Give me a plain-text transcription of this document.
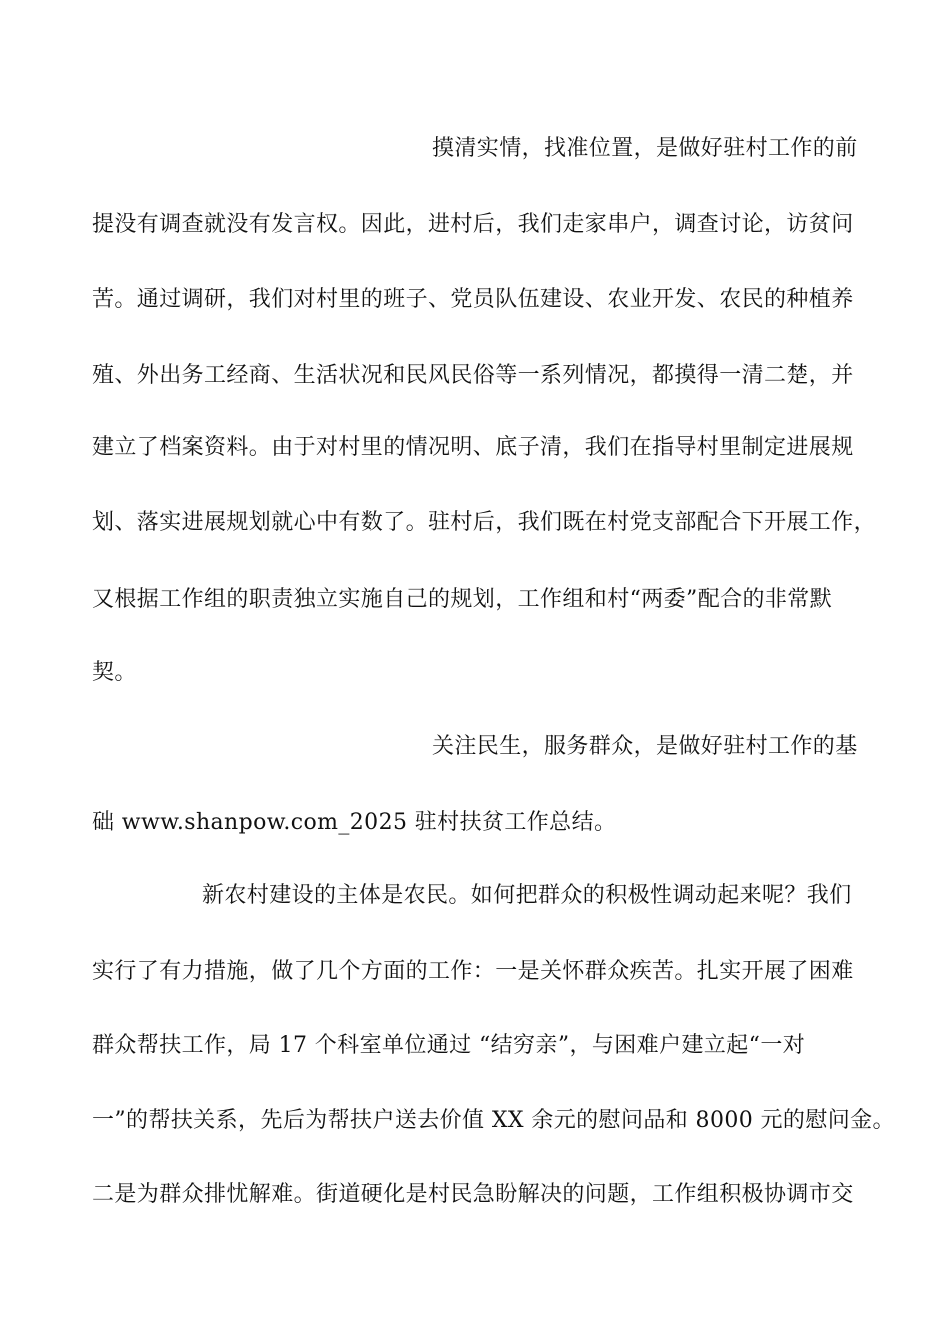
摸清实情，找准位置，是做好驻村工作的前
提没有调查就没有发言权。因此，进村后，我们走家串户，调查讨论，访贫问
苦。通过调研，我们对村里的班子、党员队伍建设、农业开发、农民的种植养
殖、外出务工经商、生活状况和民风民俗等一系列情况，都摸得一清二楚，并
建立了档案资料。由于对村里的情况明、底子清，我们在指导村里制定进展规
划、落实进展规划就心中有数了。驻村后，我们既在村党支部配合下开展工作，
又根据工作组的职责独立实施自己的规划，工作组和村“两委”配合的非常默
契。
关注民生，服务群众，是做好驻村工作的基
础 www.shanpow.com_2025 驻村扶贫工作总结。
新农村建设的主体是农民。如何把群众的积极性调动起来呢？我们
实行了有力措施，做了几个方面的工作：一是关怀群众疾苦。扎实开展了困难
群众帮扶工作，局 17 个科室单位通过 “结穷亲”，与困难户建立起“一对
一”的帮扶关系，先后为帮扶户送去价值 XX 余元的慰问品和 8000 元的慰问金。
二是为群众排忧解难。街道硬化是村民急盼解决的问题，工作组积极协调市交
